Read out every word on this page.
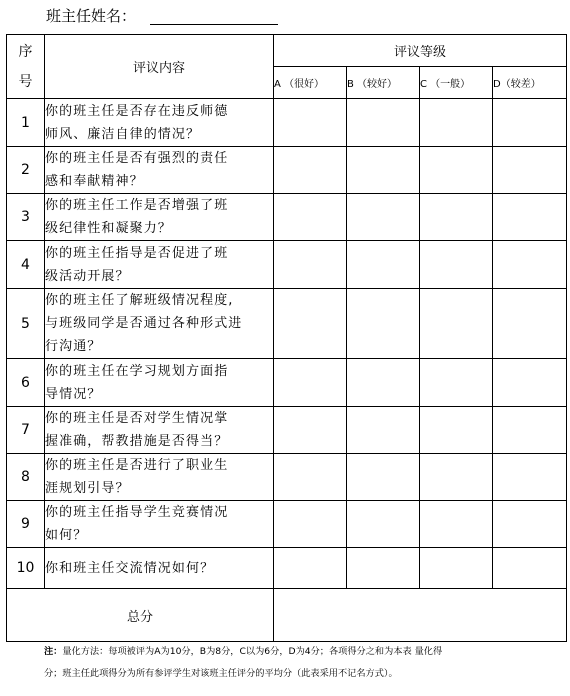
班主任姓名：
序
号	评议内容	评议等级			
		A （很好）	B （较好）	C （一般）	D（较差）
1	你的班主任是否存在违反师德
师风、廉洁自律的情况？				
2	你的班主任是否有强烈的责任
感和奉献精神？				
3	你的班主任工作是否增强了班
级纪律性和凝聚力？				
4	你的班主任指导是否促进了班
级活动开展？				
5	你的班主任了解班级情况程度,
与班级同学是否通过各种形式进
行沟通？				
6	你的班主任在学习规划方面指
导情况？				
7	你的班主任是否对学生情况掌
握准确，帮教措施是否得当？				
8	你的班主任是否进行了职业生
涯规划引导？				
9	你的班主任指导学生竞赛情况
如何？				
10	你和班主任交流情况如何？				
总分					
注：量化方法：每项被评为A为10分，B为8分，C以为6分，D为4分；各项得分之和为本表 量化得
分；班主任此项得分为所有参评学生对该班主任评分的平均分（此表采用不记名方式）。
